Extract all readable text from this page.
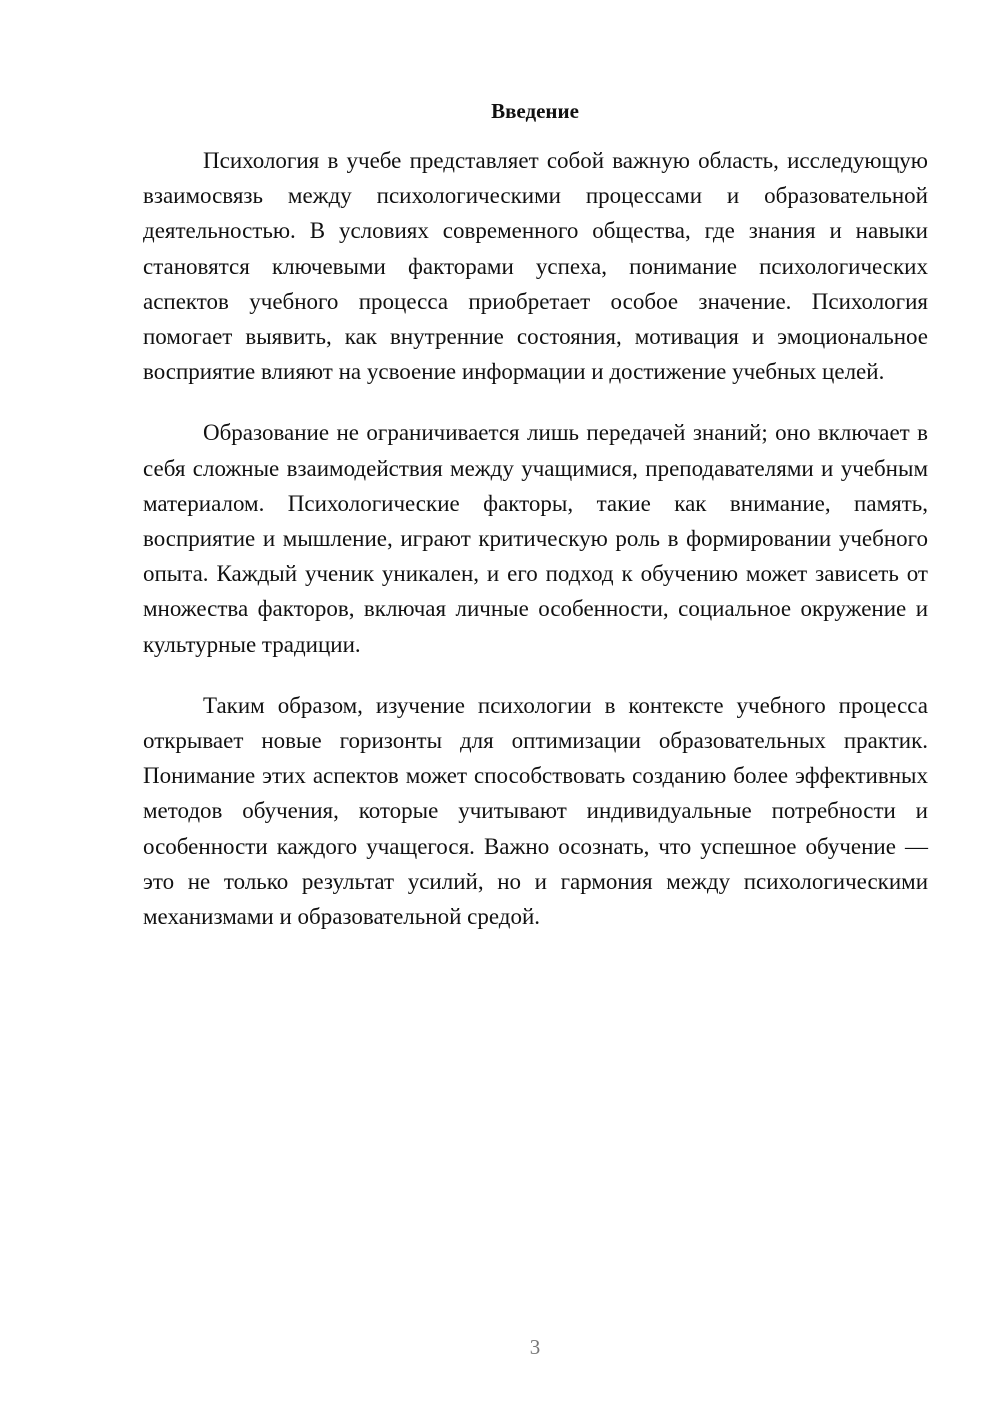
Введение

Психология в учебе представляет собой важную область, исследующую взаимосвязь между психологическими процессами и образовательной деятельностью. В условиях современного общества, где знания и навыки становятся ключевыми факторами успеха, понимание психологических аспектов учебного процесса приобретает особое значение. Психология помогает выявить, как внутренние состояния, мотивация и эмоциональное восприятие влияют на усвоение информации и достижение учебных целей.

Образование не ограничивается лишь передачей знаний; оно включает в себя сложные взаимодействия между учащимися, преподавателями и учебным материалом. Психологические факторы, такие как внимание, память, восприятие и мышление, играют критическую роль в формировании учебного опыта. Каждый ученик уникален, и его подход к обучению может зависеть от множества факторов, включая личные особенности, социальное окружение и культурные традиции.

Таким образом, изучение психологии в контексте учебного процесса открывает новые горизонты для оптимизации образовательных практик. Понимание этих аспектов может способствовать созданию более эффективных методов обучения, которые учитывают индивидуальные потребности и особенности каждого учащегося. Важно осознать, что успешное обучение — это не только результат усилий, но и гармония между психологическими механизмами и образовательной средой.

3
